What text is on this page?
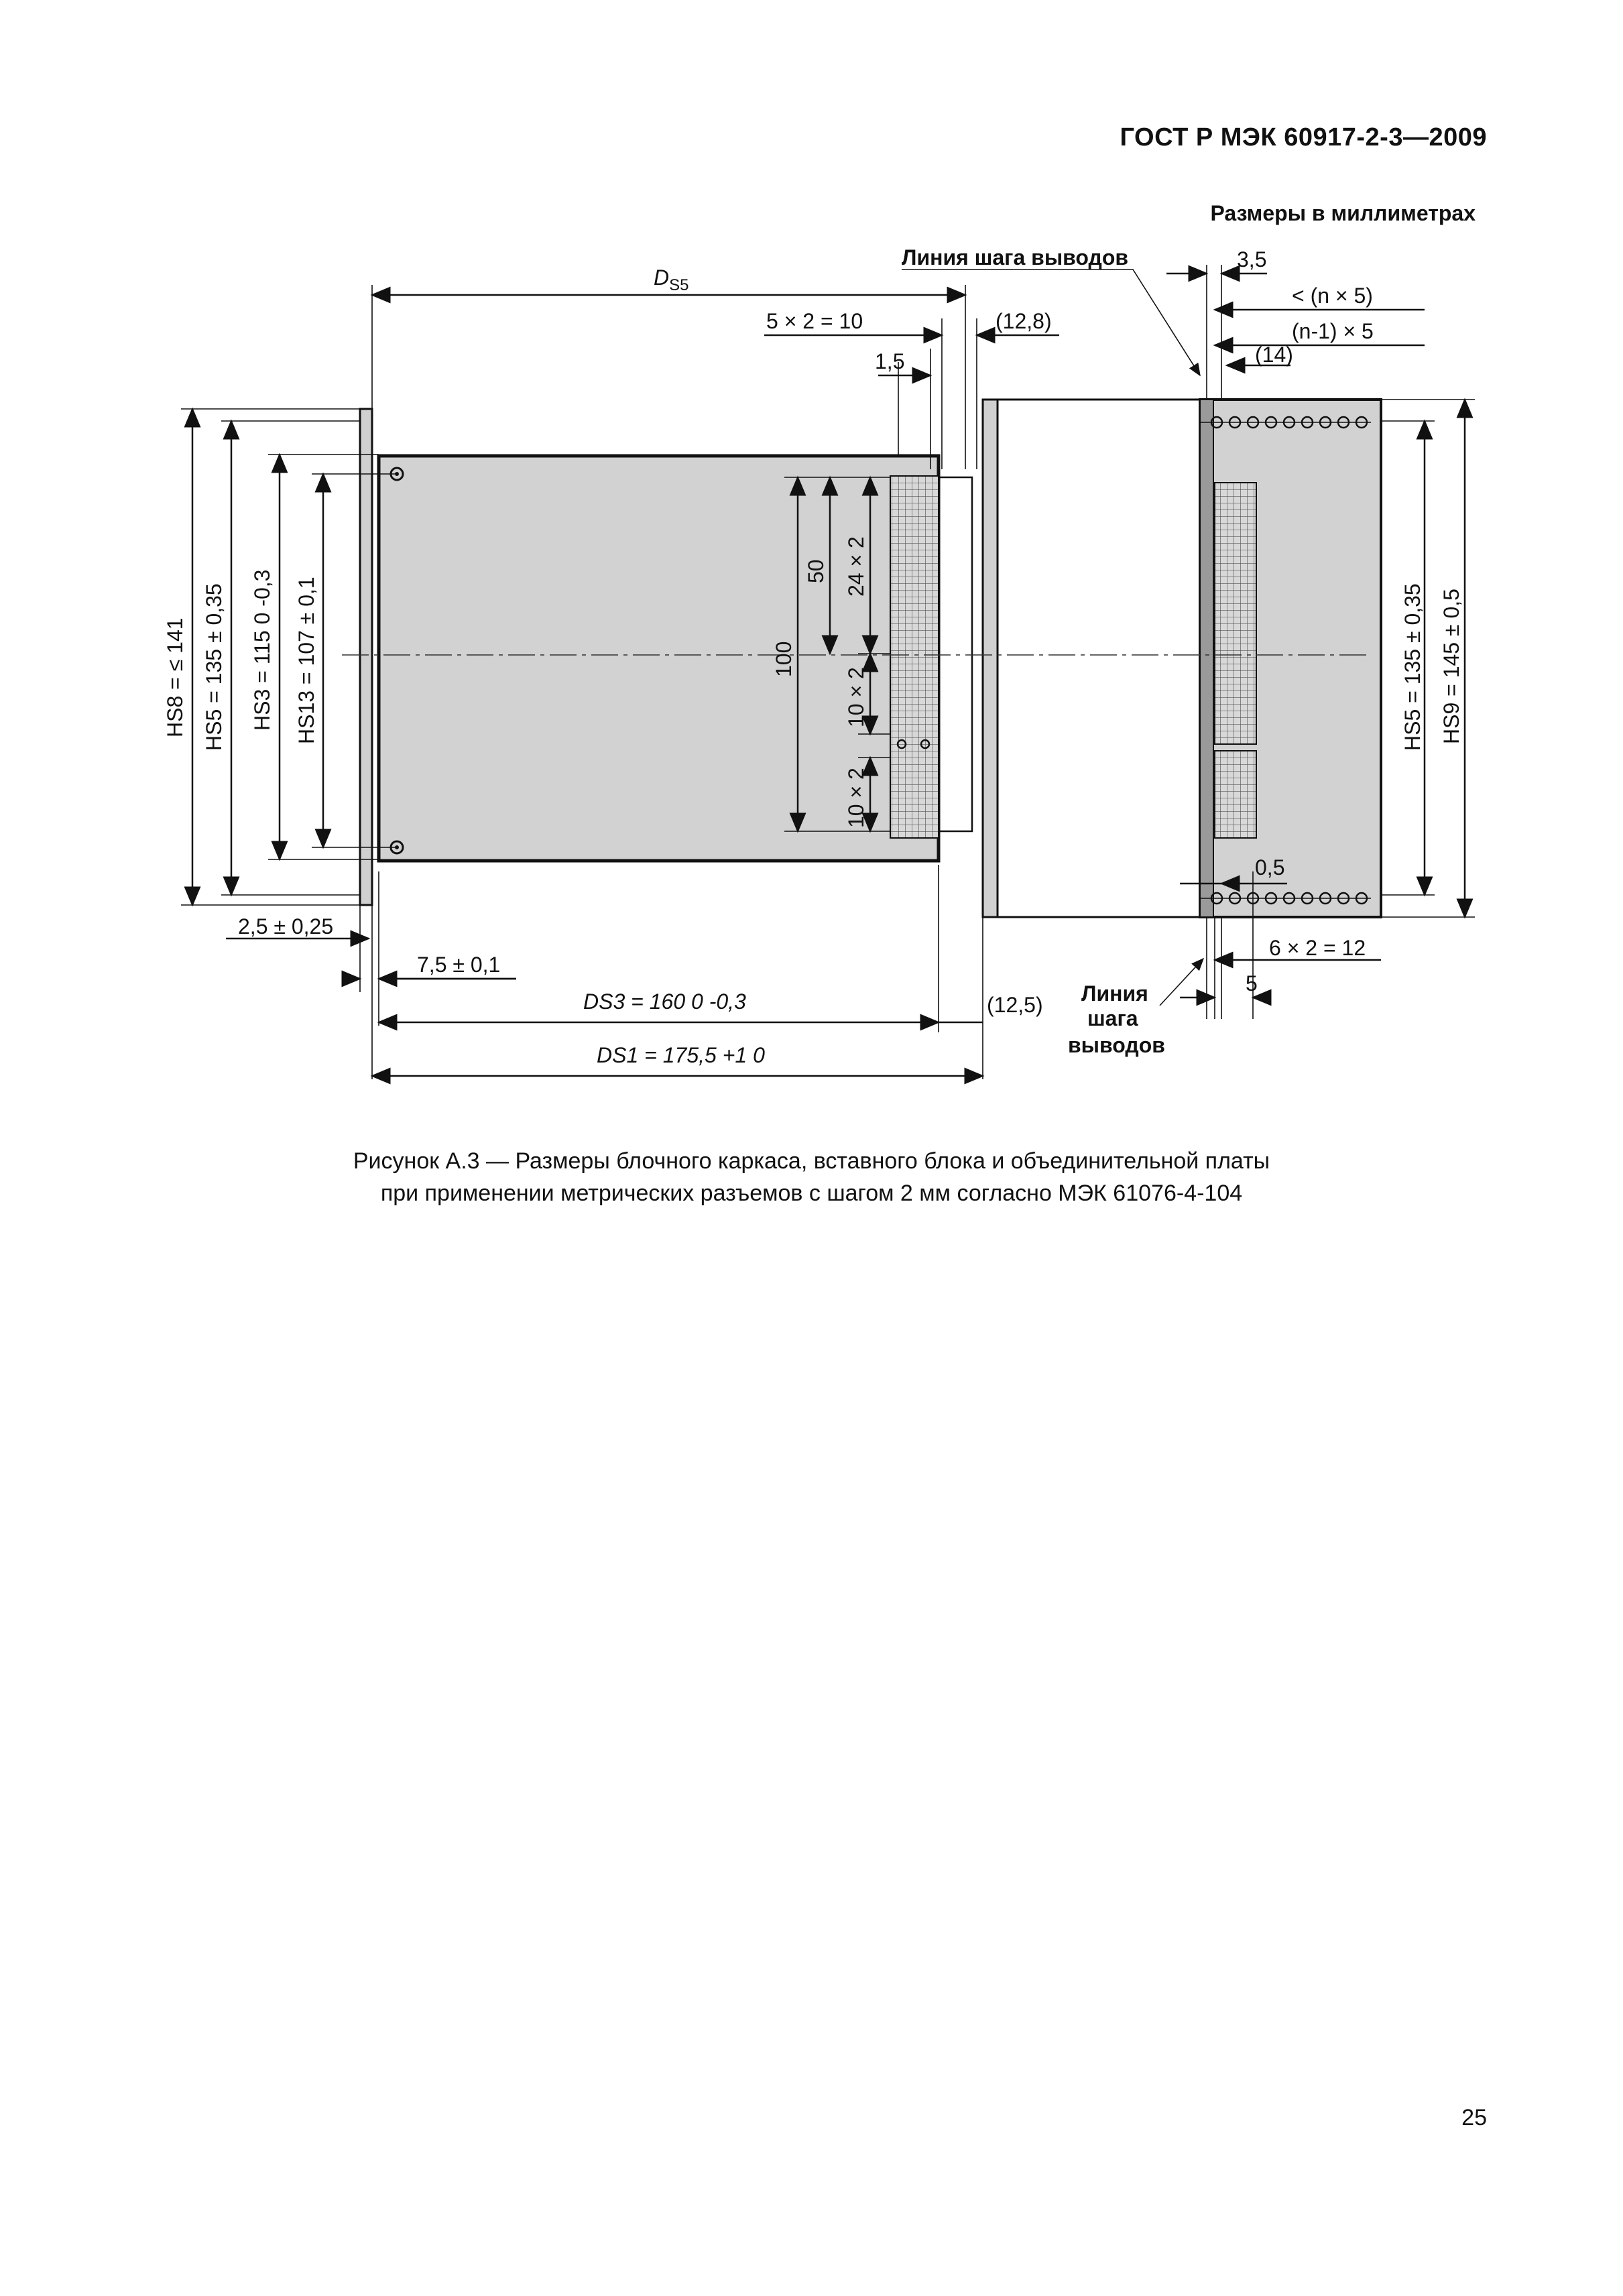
ГОСТ Р МЭК 60917-2-3—2009
Размеры в миллиметрах
HS8 = ≤ 141 HS5 = 135 ± 0,35 HS3 = 115 0 -0,3 HS13 = 107 ± 0,1	100
50 24 × 2
10 × 2
10 × 2
HS5 = 135 ± 0,35 HS9 = 145 ± 0,5
$D_{S5}$
5 × 2 = 10	(12,8)
1,5
Линия шага выводов	3,5
< (n × 5)
(n-1) × 5
(14)
2,5 ± 0,25
7,5 ± 0,1
DS3 = 160 0 -0,3	(12,5)
DS1 = 175,5 +1 0
Линия
шага
выводов
0,5
6 × 2 = 12
5
Рисунок А.3 — Размеры блочного каркаса, вставного блока и объединительной платы
при применении метрических разъемов с шагом 2 мм согласно МЭК 61076-4-104
25
